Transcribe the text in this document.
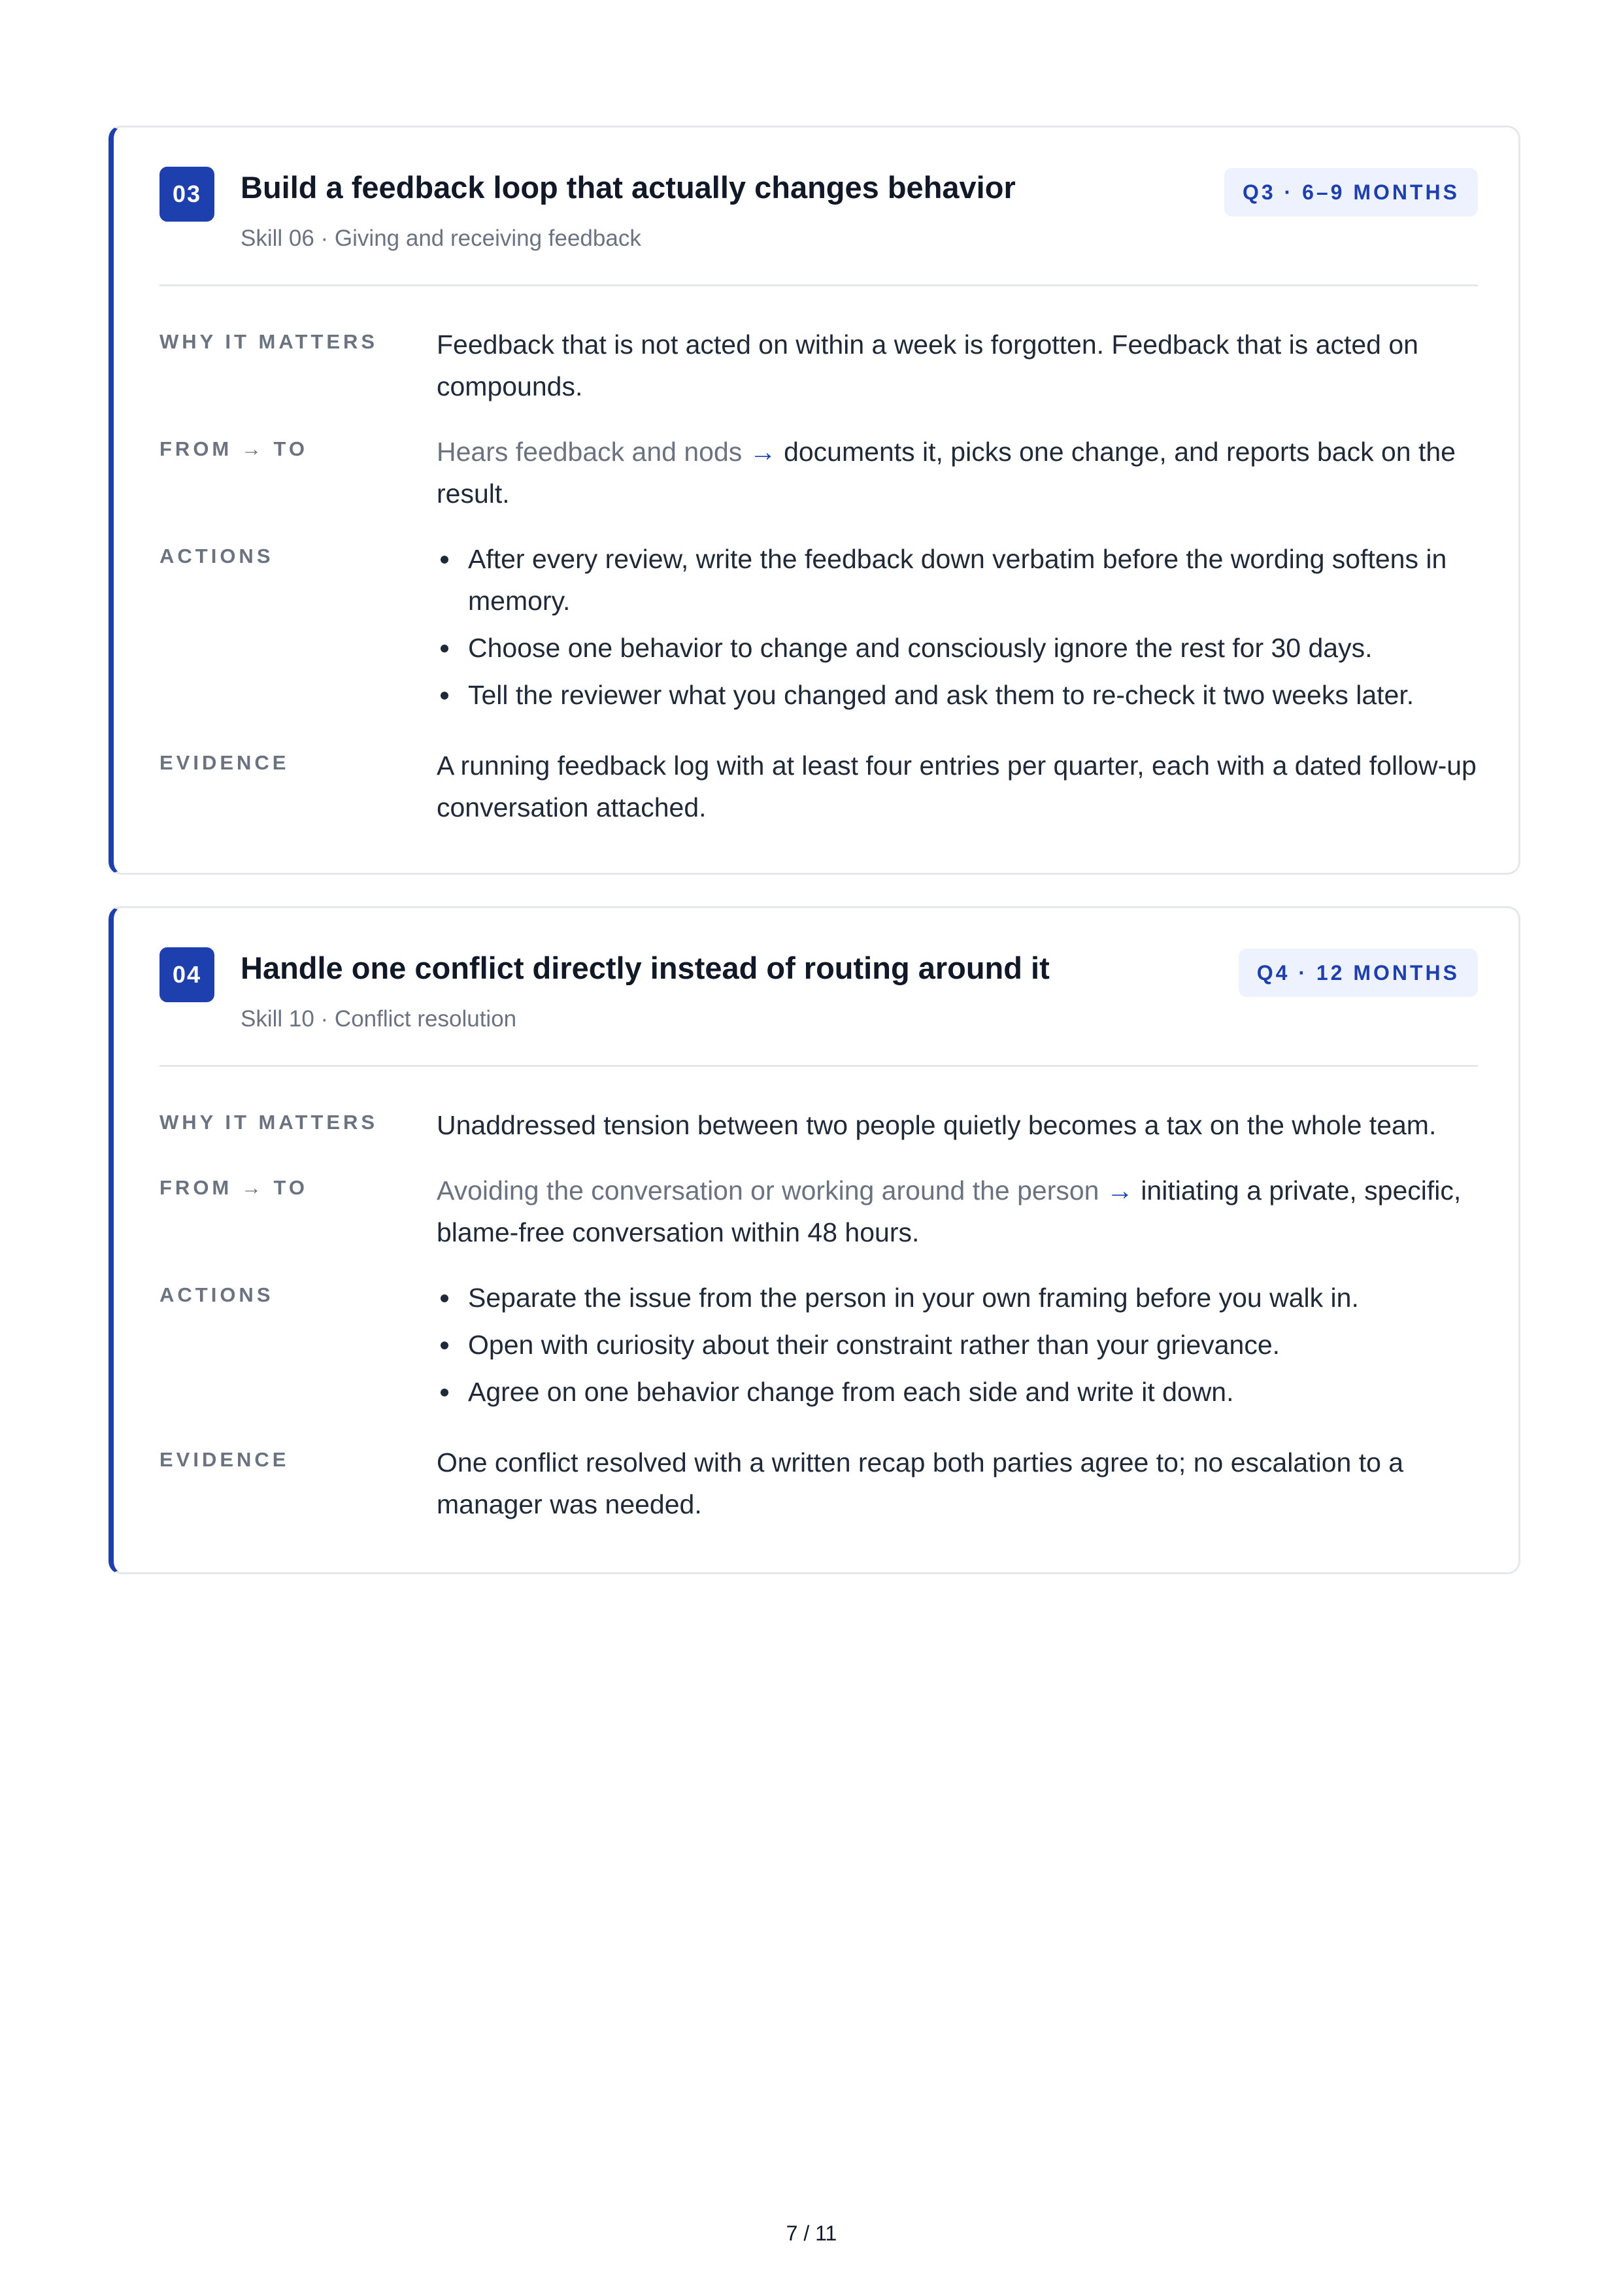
03	Build a feedback loop that actually changes behavior
Skill 06 · Giving and receiving feedback
Q3 · 6–9 MONTHS
WHY IT MATTERS	Feedback that is not acted on within a week is forgotten. Feedback that is acted on compounds.
FROM → TO	Hears feedback and nods → documents it, picks one change, and reports back on the result.
ACTIONS	After every review, write the feedback down verbatim before the wording softens in memory.
Choose one behavior to change and consciously ignore the rest for 30 days.
Tell the reviewer what you changed and ask them to re-check it two weeks later.
EVIDENCE	A running feedback log with at least four entries per quarter, each with a dated follow-up conversation attached.
04	Handle one conflict directly instead of routing around it
Skill 10 · Conflict resolution
Q4 · 12 MONTHS
WHY IT MATTERS	Unaddressed tension between two people quietly becomes a tax on the whole team.
FROM → TO	Avoiding the conversation or working around the person → initiating a private, specific, blame-free conversation within 48 hours.
ACTIONS	Separate the issue from the person in your own framing before you walk in.
Open with curiosity about their constraint rather than your grievance.
Agree on one behavior change from each side and write it down.
EVIDENCE	One conflict resolved with a written recap both parties agree to; no escalation to a manager was needed.
7 / 11
